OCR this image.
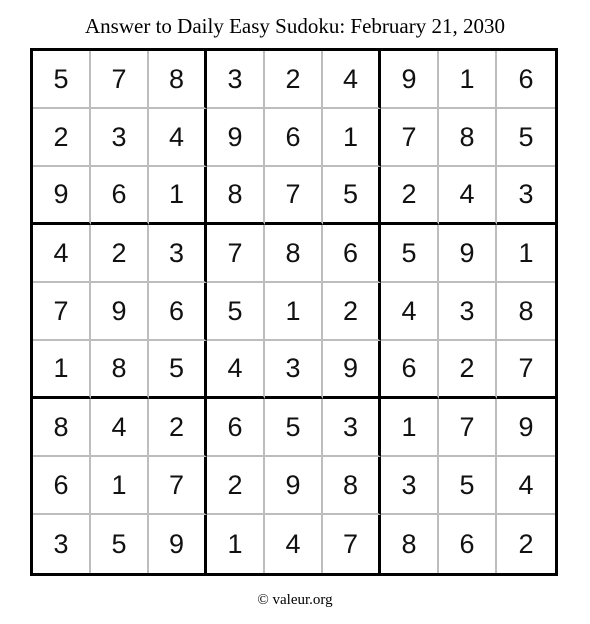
Answer to Daily Easy Sudoku: February 21, 2030
5	7	8	3	2	4	9	1	6
2	3	4	9	6	1	7	8	5
9	6	1	8	7	5	2	4	3
4	2	3	7	8	6	5	9	1
7	9	6	5	1	2	4	3	8
1	8	5	4	3	9	6	2	7
8	4	2	6	5	3	1	7	9
6	1	7	2	9	8	3	5	4
3	5	9	1	4	7	8	6	2
© valeur.org
